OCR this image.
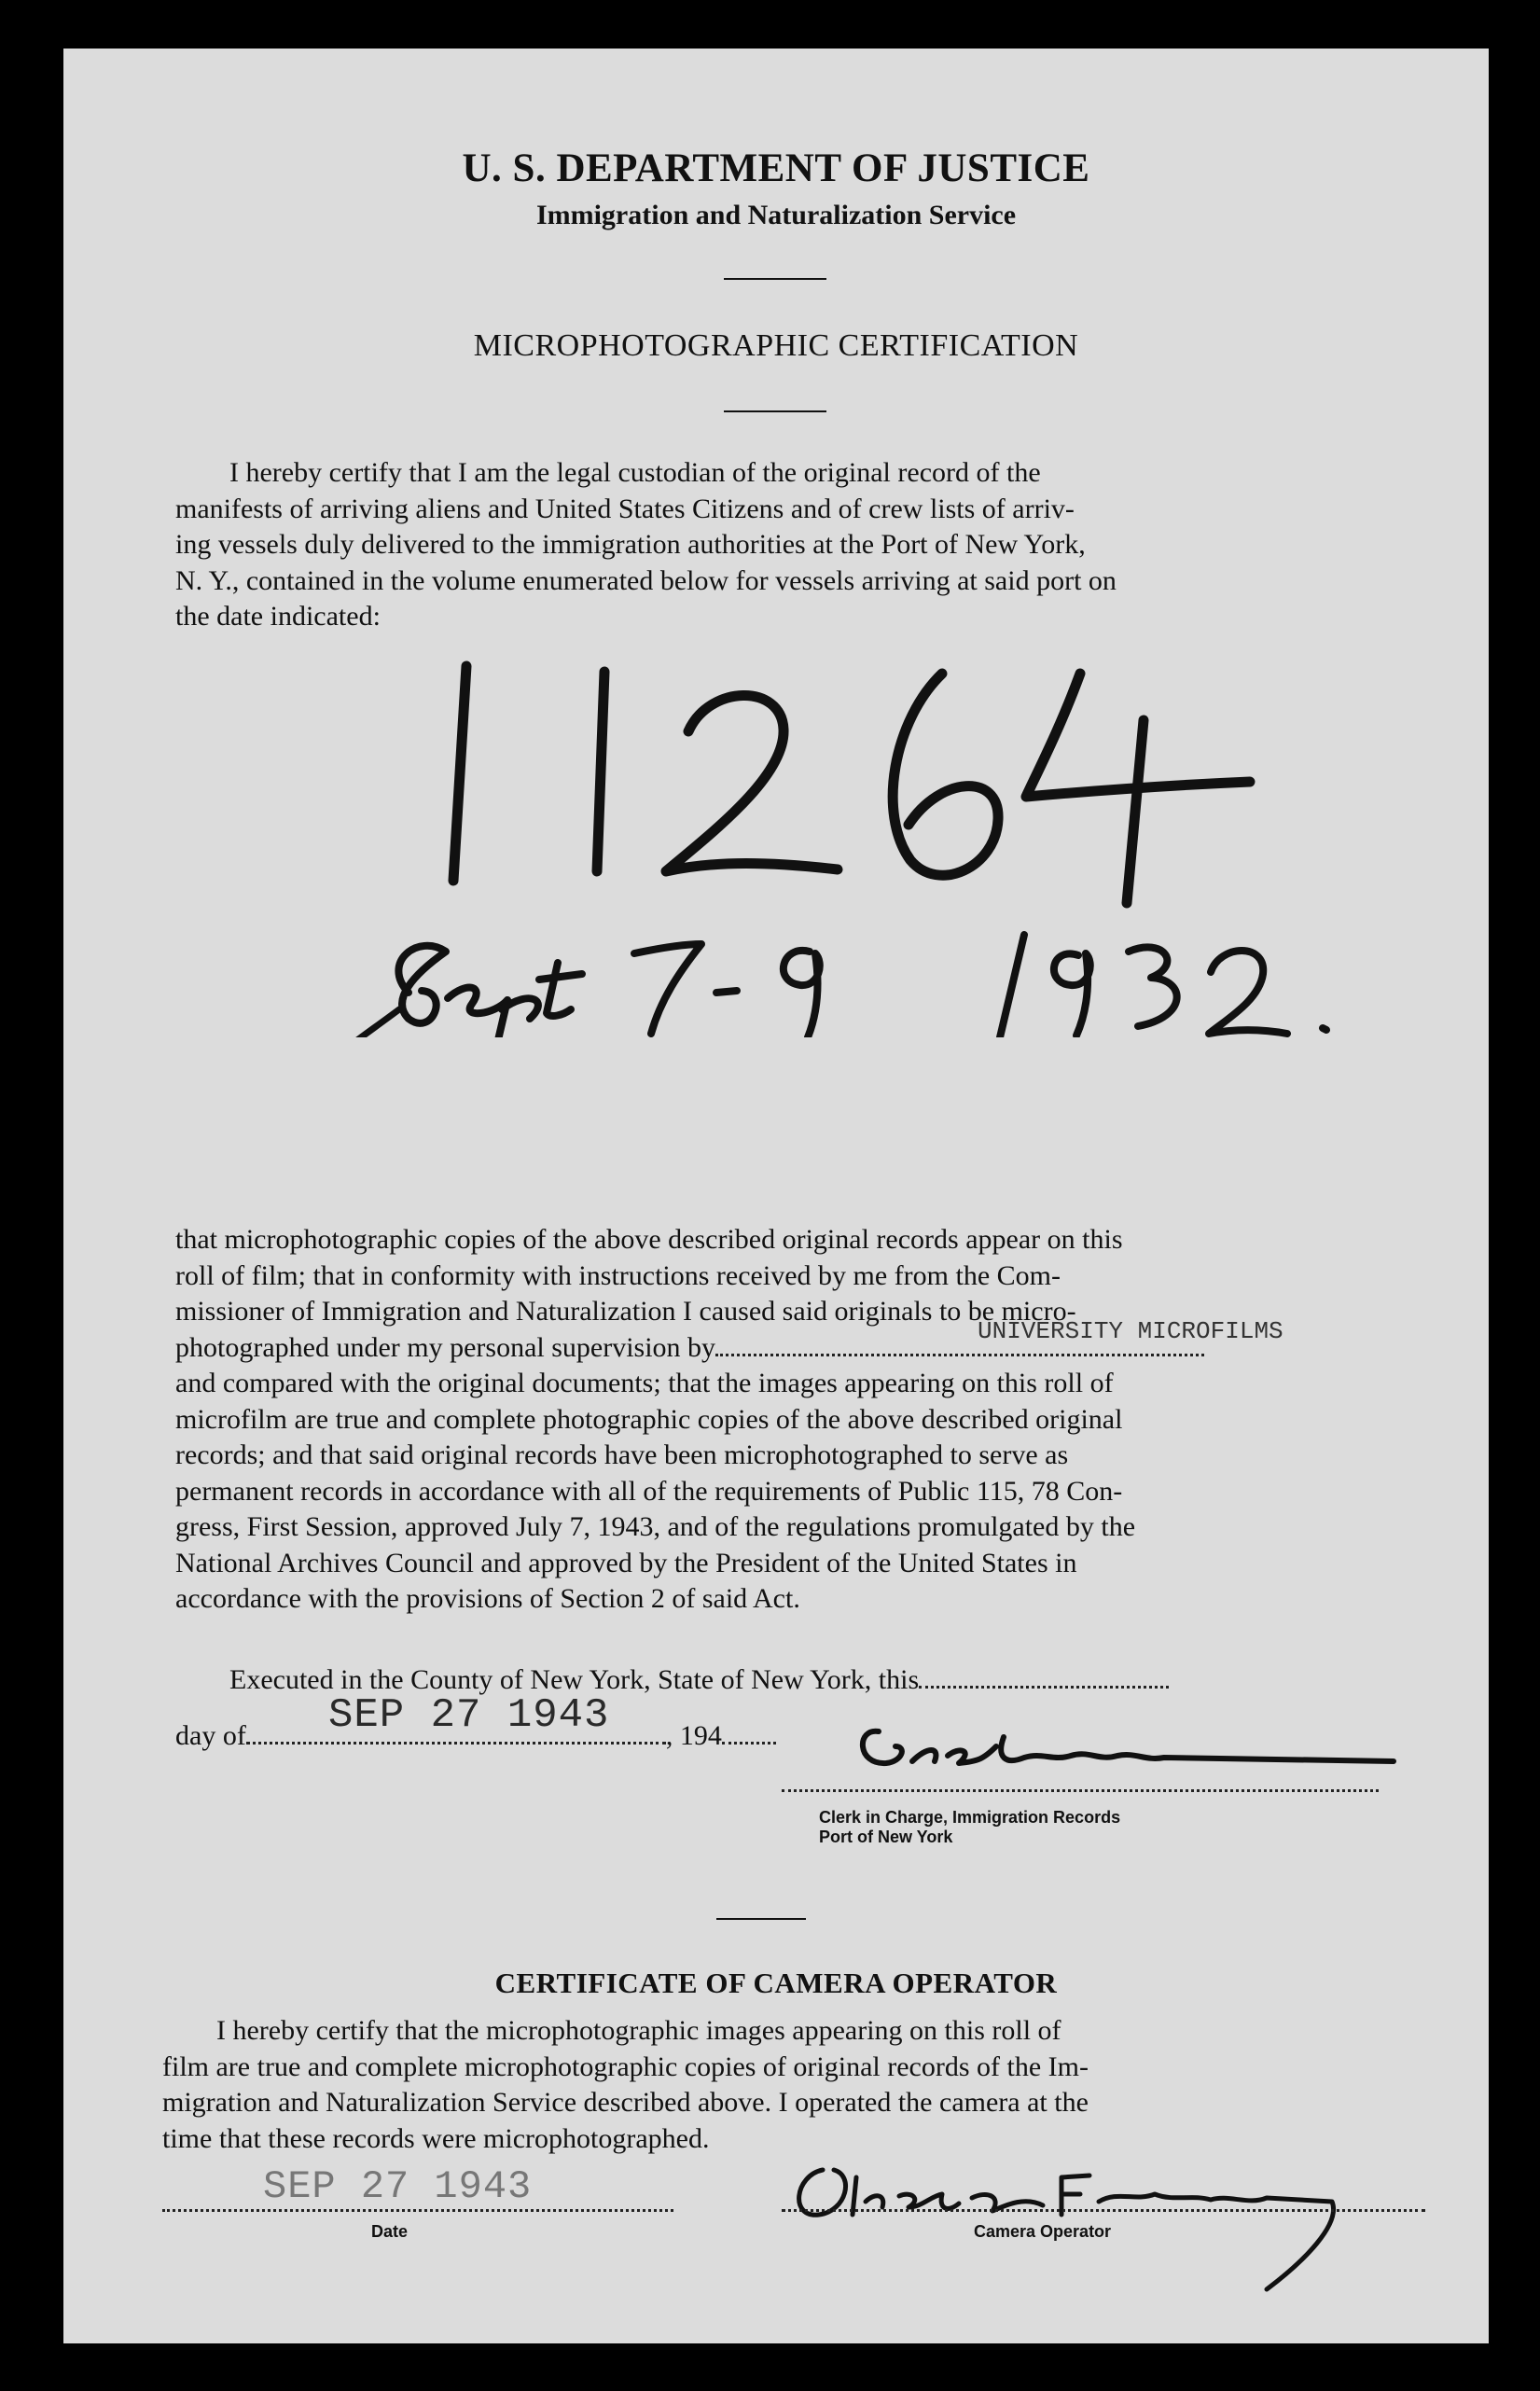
U. S. DEPARTMENT OF JUSTICE
Immigration and Naturalization Service
MICROPHOTOGRAPHIC CERTIFICATION
I hereby certify that I am the legal custodian of the original record of the
manifests of arriving aliens and United States Citizens and of crew lists of arriv-
ing vessels duly delivered to the immigration authorities at the Port of New York,
N. Y., contained in the volume enumerated below for vessels arriving at said port on
the date indicated:
that microphotographic copies of the above described original records appear on this
roll of film; that in conformity with instructions received by me from the Com-
missioner of Immigration and Naturalization I caused said originals to be micro-
photographed under my personal supervision by
UNIVERSITY MICROFILMS
and compared with the original documents; that the images appearing on this roll of
microfilm are true and complete photographic copies of the above described original
records; and that said original records have been microphotographed to serve as
permanent records in accordance with all of the requirements of Public 115, 78 Con-
gress, First Session, approved July 7, 1943, and of the regulations promulgated by the
National Archives Council and approved by the President of the United States in
accordance with the provisions of Section 2 of said Act.
Executed in the County of New York, State of New York, this
day of	, 194
SEP 27 1943
Clerk in Charge, Immigration Records
Port of New York
CERTIFICATE OF CAMERA OPERATOR
I hereby certify that the microphotographic images appearing on this roll of
film are true and complete microphotographic copies of original records of the Im-
migration and Naturalization Service described above. I operated the camera at the
time that these records were microphotographed.
SEP 27 1943
Date	Camera Operator
